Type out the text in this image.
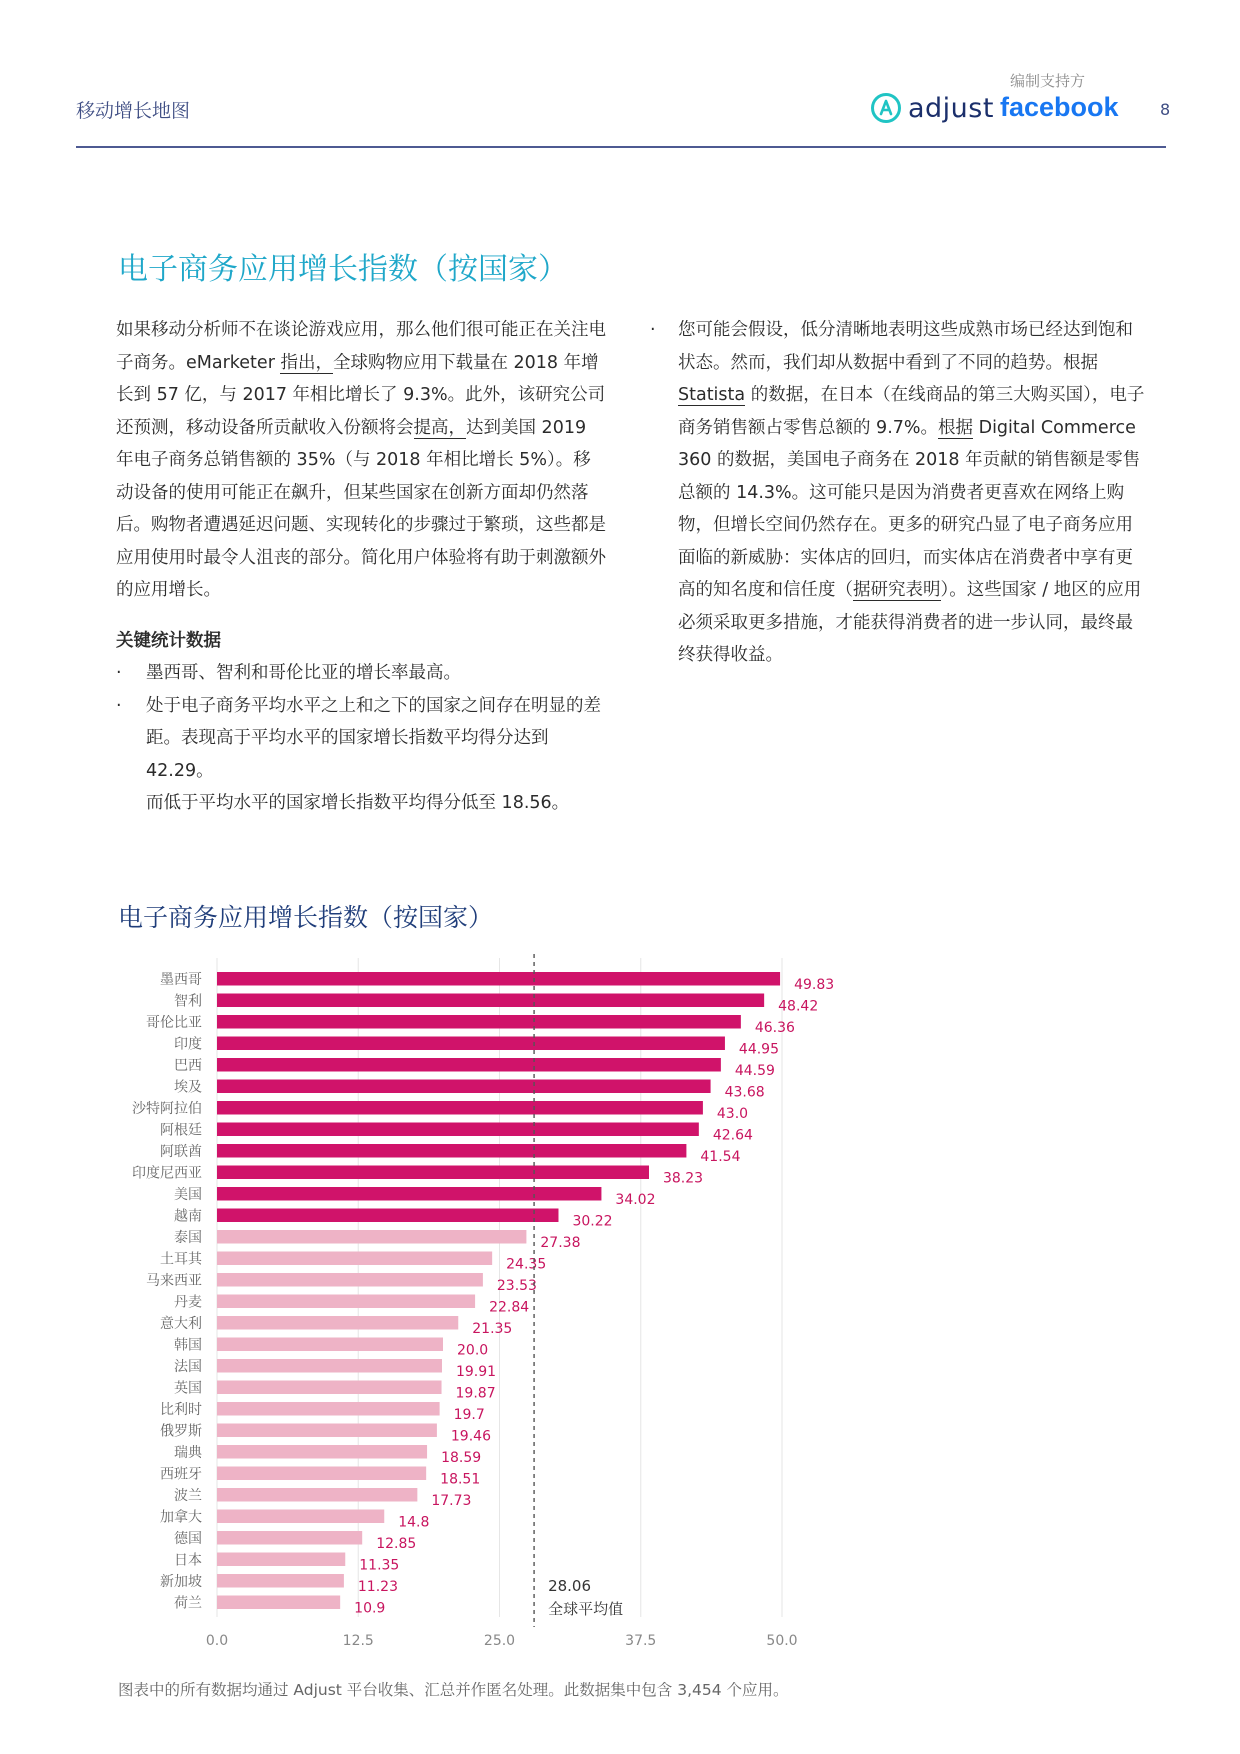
移动增长地图
编制支持方
adjust facebook	8
电子商务应用增长指数（按国家）

如果移动分析师不在谈论游戏应用，那么他们很可能正在关注电子商务。eMarketer 指出，全球购物应用下载量在 2018 年增长到 57 亿，与 2017 年相比增长了 9.3%。此外，该研究公司还预测，移动设备所贡献收入份额将会提高，达到美国 2019 年电子商务总销售额的 35%（与 2018 年相比增长 5%）。移动设备的使用可能正在飙升，但某些国家在创新方面却仍然落后。购物者遭遇延迟问题、实现转化的步骤过于繁琐，这些都是应用使用时最令人沮丧的部分。简化用户体验将有助于刺激额外的应用增长。

关键统计数据

·	墨西哥、智利和哥伦比亚的增长率最高。
·	处于电子商务平均水平之上和之下的国家之间存在明显的差距。表现高于平均水平的国家增长指数平均得分达到 42.29。

而低于平均水平的国家增长指数平均得分低至 18.56。

· 您可能会假设，低分清晰地表明这些成熟市场已经达到饱和状态。然而，我们却从数据中看到了不同的趋势。根据 Statista 的数据，在日本（在线商品的第三大购买国），电子商务销售额占零售总额的 9.7%。根据 Digital Commerce 360 的数据，美国电子商务在 2018 年贡献的销售额是零售总额的 14.3%。这可能只是因为消费者更喜欢在网络上购物，但增长空间仍然存在。更多的研究凸显了电子商务应用面临的新威胁：实体店的回归，而实体店在消费者中享有更高的知名度和信任度（据研究表明）。这些国家 / 地区的应用必须采取更多措施，才能获得消费者的进一步认同，最终最终获得收益。

电子商务应用增长指数（按国家）
0.0	12.5	25.0	37.5	50.0
墨西哥	49.83
智利	48.42
哥伦比亚	46.36
印度	44.95
巴西	44.59
埃及	43.68
沙特阿拉伯	43.0
阿根廷	42.64
阿联酋	41.54
印度尼西亚	38.23
美国	34.02
越南	30.22
泰国	27.38
土耳其	24.35
马来西亚	23.53
丹麦	22.84
意大利	21.35
韩国	20.0
法国	19.91
英国	19.87
比利时	19.7
俄罗斯	19.46
瑞典	18.59
西班牙	18.51
波兰	17.73
加拿大	14.8
德国	12.85
日本	11.35
新加坡	11.23
荷兰	10.9
28.06
全球平均值
图表中的所有数据均通过 Adjust 平台收集、汇总并作匿名处理。此数据集中包含 3,454 个应用。
